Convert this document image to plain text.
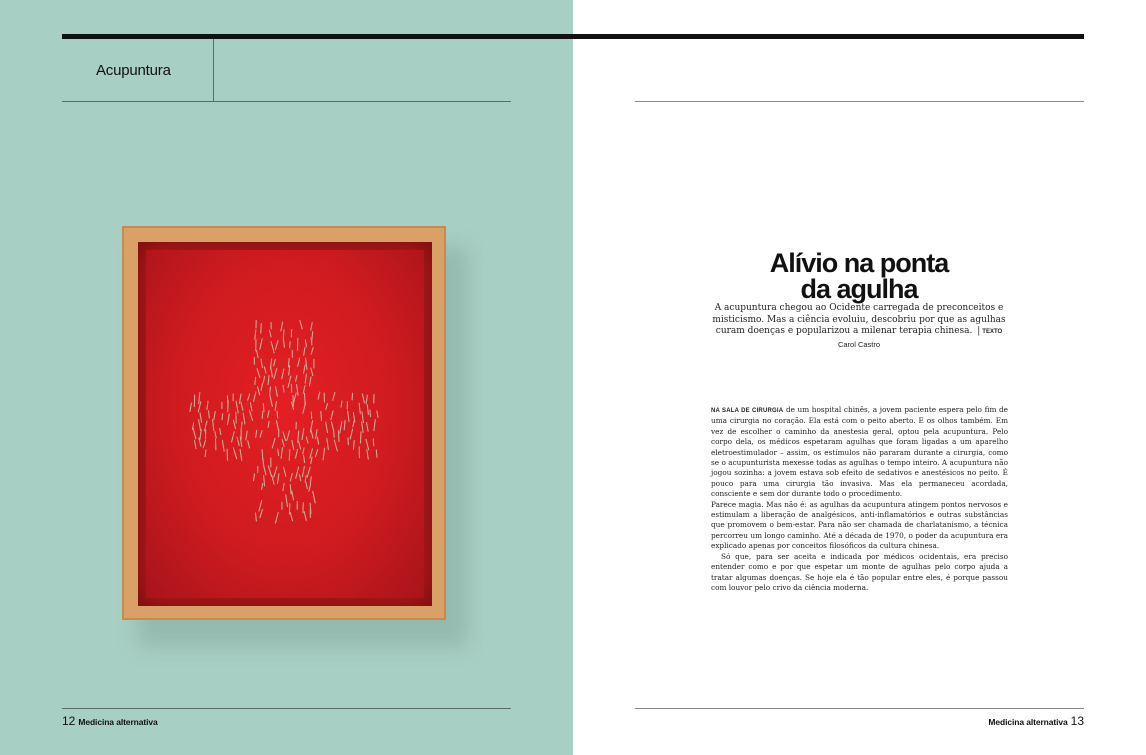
Acupuntura
Alívio na ponta
da agulha
A acupuntura chegou ao Ocidente carregada de preconceitos e misticismo. Mas a ciência evoluiu, descobriu por que as agulhas curam doenças e popularizou a milenar terapia chinesa. | TEXTO Carol Castro

NA SALA DE CIRURGIA de um hospital chinês, a jovem paciente espera pelo fim de uma cirurgia no coração. Ela está com o peito aberto. E os olhos também. Em vez de escolher o caminho da anestesia geral, optou pela acupuntura. Pelo corpo dela, os médicos espetaram agulhas que foram ligadas a um aparelho eletroestimulador – assim, os estímulos não pararam durante a cirurgia, como se o acupunturista mexesse todas as agulhas o tempo inteiro. A acupuntura não jogou sozinha: a jovem estava sob efeito de sedativos e anestésicos no peito. É pouco para uma cirurgia tão invasiva. Mas ela permaneceu acordada, consciente e sem dor durante todo o procedimento.

Parece magia. Mas não é: as agulhas da acupuntura atingem pontos nervosos e estimulam a liberação de analgésicos, anti-inflamatórios e outras substâncias que promovem o bem-estar. Para não ser chamada de charlatanismo, a técnica percorreu um longo caminho. Até a década de 1970, o poder da acupuntura era explicado apenas por conceitos filosóficos da cultura chinesa.

Só que, para ser aceita e indicada por médicos ocidentais, era preciso entender como e por que espetar um monte de agulhas pelo corpo ajuda a tratar algumas doenças. Se hoje ela é tão popular entre eles, é porque passou com louvor pelo crivo da ciência moderna.

12 Medicina alternativa	Medicina alternativa 13
